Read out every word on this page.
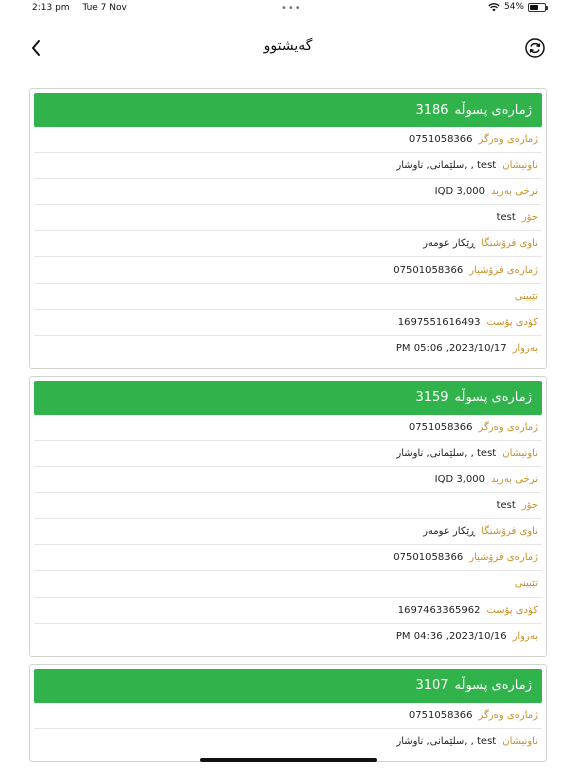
2:13 pm Tue 7 Nov	•••	54%
گەیشتوو
ژمارەی پسوڵە
3186
ژمارەی وەرگر
0751058366
ناونیشان
test , ,سلێمانی, ناوشار
نرخی بەرید
3,000 IQD
جۆر
test
ناوی فرۆشتگا
ڕێکار عومەر
ژمارەی فرۆشیار
07501058366
تێبینی
کۆدی پۆست
1697551616493
بەروار
2023/10/17, 05:06 PM
ژمارەی پسوڵە
3159
ژمارەی وەرگر
0751058366
ناونیشان
test , ,سلێمانی, ناوشار
نرخی بەرید
3,000 IQD
جۆر
test
ناوی فرۆشتگا
ڕێکار عومەر
ژمارەی فرۆشیار
07501058366
تێبینی
کۆدی پۆست
1697463365962
بەروار
2023/10/16, 04:36 PM
ژمارەی پسوڵە
3107
ژمارەی وەرگر
0751058366
ناونیشان
test , ,سلێمانی, ناوشار
